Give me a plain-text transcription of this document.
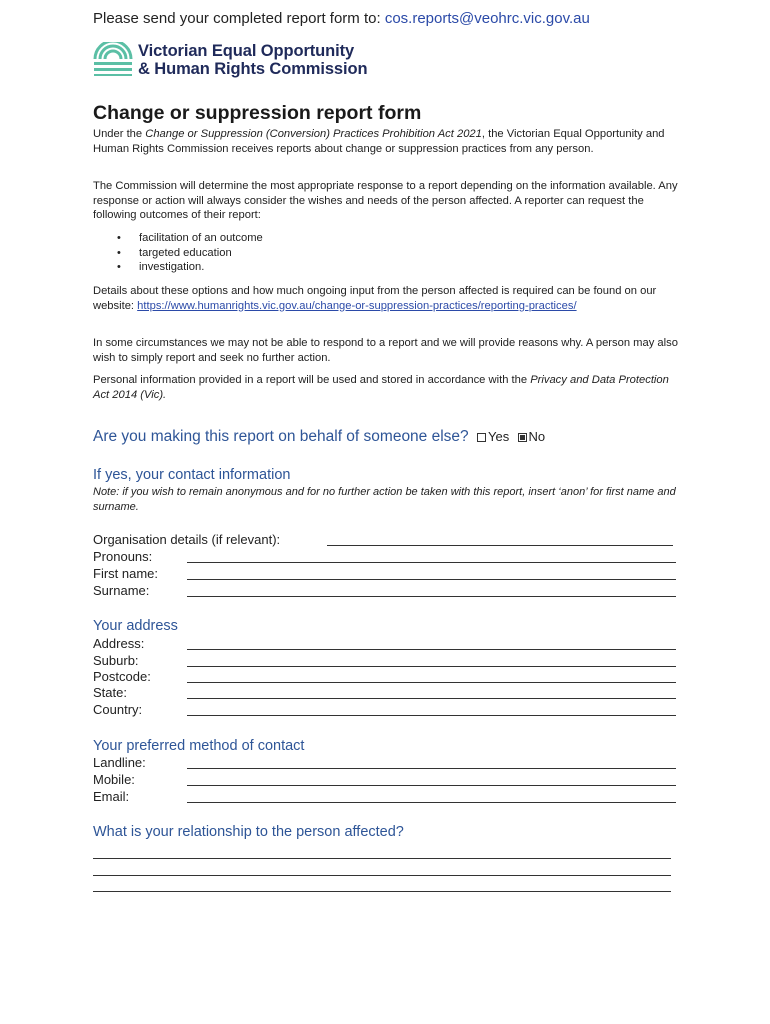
Please send your completed report form to: cos.reports@veohrc.vic.gov.au
Victorian Equal Opportunity
& Human Rights Commission
Change or suppression report form

Under the Change or Suppression (Conversion) Practices Prohibition Act 2021, the Victorian Equal Opportunity and Human Rights Commission receives reports about change or suppression practices from any person.

The Commission will determine the most appropriate response to a report depending on the information available. Any response or action will always consider the wishes and needs of the person affected. A reporter can request the following outcomes of their report:

• facilitation of an outcome
• targeted education
• investigation.

Details about these options and how much ongoing input from the person affected is required can be found on our website: https://www.humanrights.vic.gov.au/change-or-suppression-practices/reporting-practices/

In some circumstances we may not be able to respond to a report and we will provide reasons why. A person may also wish to simply report and seek no further action.

Personal information provided in a report will be used and stored in accordance with the Privacy and Data Protection Act 2014 (Vic).

Are you making this report on behalf of someone else? Yes No
If yes, your contact information
Note: if you wish to remain anonymous and for no further action be taken with this report, insert ‘anon’ for first name and surname.
Organisation details (if relevant):
Pronouns:
First name:
Surname:
Your address
Address:
Suburb:
Postcode:
State:
Country:
Your preferred method of contact
Landline:
Mobile:
Email:
What is your relationship to the person affected?
